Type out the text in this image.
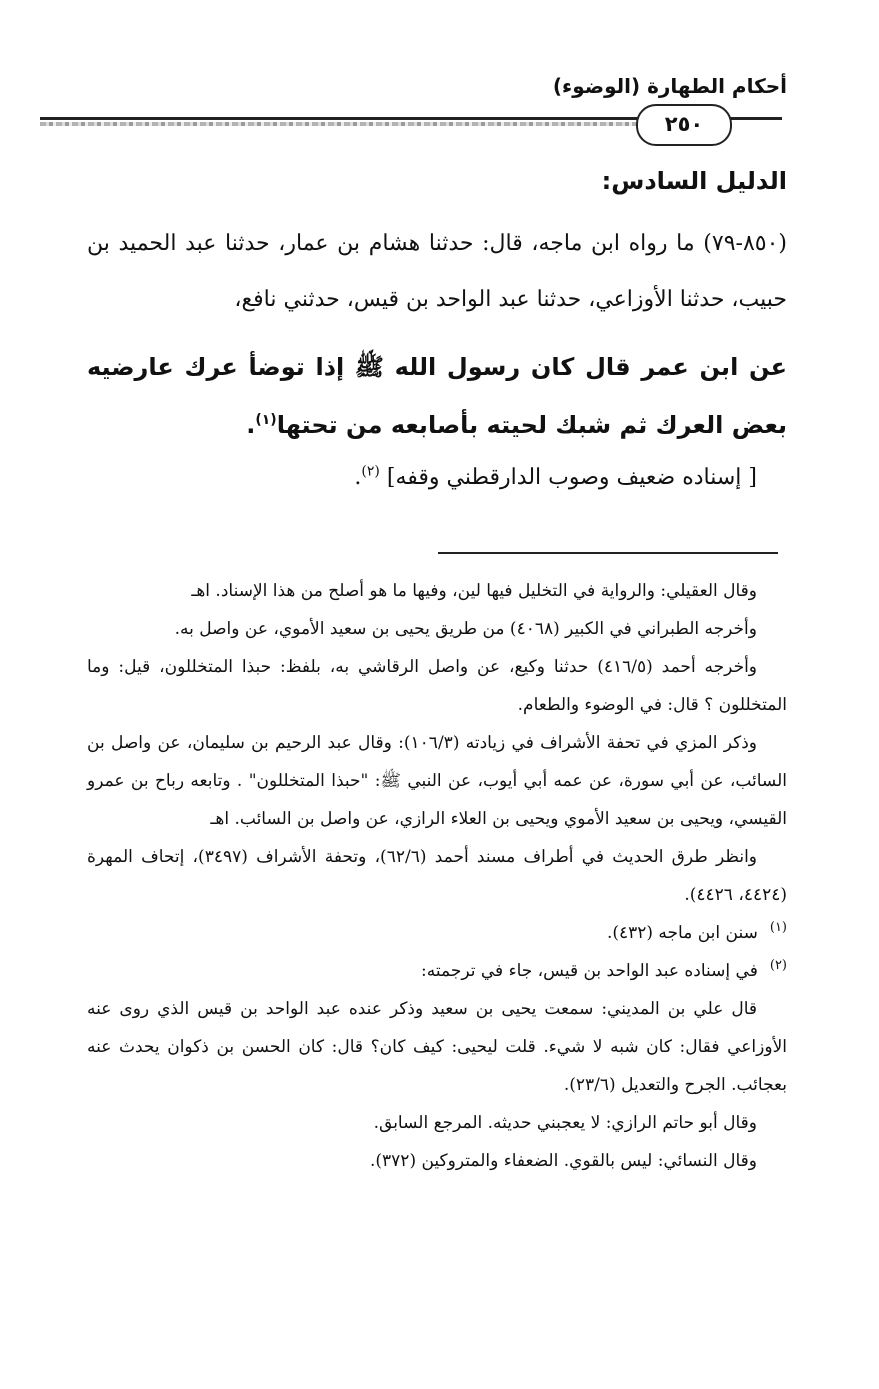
أحكام الطهارة (الوضوء)
٢٥٠
الدليل السادس:

(٨٥٠-٧٩) ما رواه ابن ماجه، قال: حدثنا هشام بن عمار، حدثنا عبد الحميد بن حبيب، حدثنا الأوزاعي، حدثنا عبد الواحد بن قيس، حدثني نافع،

عن ابن عمر قال كان رسول الله ﷺ إذا توضأ عرك عارضيه بعض العرك ثم شبك لحيته بأصابعه من تحتها$^{(١)}$.

[ إسناده ضعيف وصوب الدارقطني وقفه] $^{(٢)}$.

وقال العقيلي: والرواية في التخليل فيها لين، وفيها ما هو أصلح من هذا الإسناد. اهـ

وأخرجه الطبراني في الكبير (٤٠٦٨) من طريق يحيى بن سعيد الأموي، عن واصل به.

وأخرجه أحمد (٤١٦/٥) حدثنا وكيع، عن واصل الرقاشي به، بلفظ: حبذا المتخللون، قيل: وما المتخللون ؟ قال: في الوضوء والطعام.

وذكر المزي في تحفة الأشراف في زيادته (١٠٦/٣): وقال عبد الرحيم بن سليمان، عن واصل بن السائب، عن أبي سورة، عن عمه أبي أيوب، عن النبي ﷺ: "حبذا المتخللون" . وتابعه رباح بن عمرو القيسي، ويحيى بن سعيد الأموي ويحيى بن العلاء الرازي، عن واصل بن السائب. اهـ

وانظر طرق الحديث في أطراف مسند أحمد (٦٢/٦)، وتحفة الأشراف (٣٤٩٧)، إتحاف المهرة (٤٤٢٤، ٤٤٢٦).

$^{(١)}$سنن ابن ماجه (٤٣٢).

$^{(٢)}$في إسناده عبد الواحد بن قيس، جاء في ترجمته:

قال علي بن المديني: سمعت يحيى بن سعيد وذكر عنده عبد الواحد بن قيس الذي روى عنه الأوزاعي فقال: كان شبه لا شيء. قلت ليحيى: كيف كان؟ قال: كان الحسن بن ذكوان يحدث عنه بعجائب. الجرح والتعديل (٢٣/٦).

وقال أبو حاتم الرازي: لا يعجبني حديثه. المرجع السابق.

وقال النسائي: ليس بالقوي. الضعفاء والمتروكين (٣٧٢).
